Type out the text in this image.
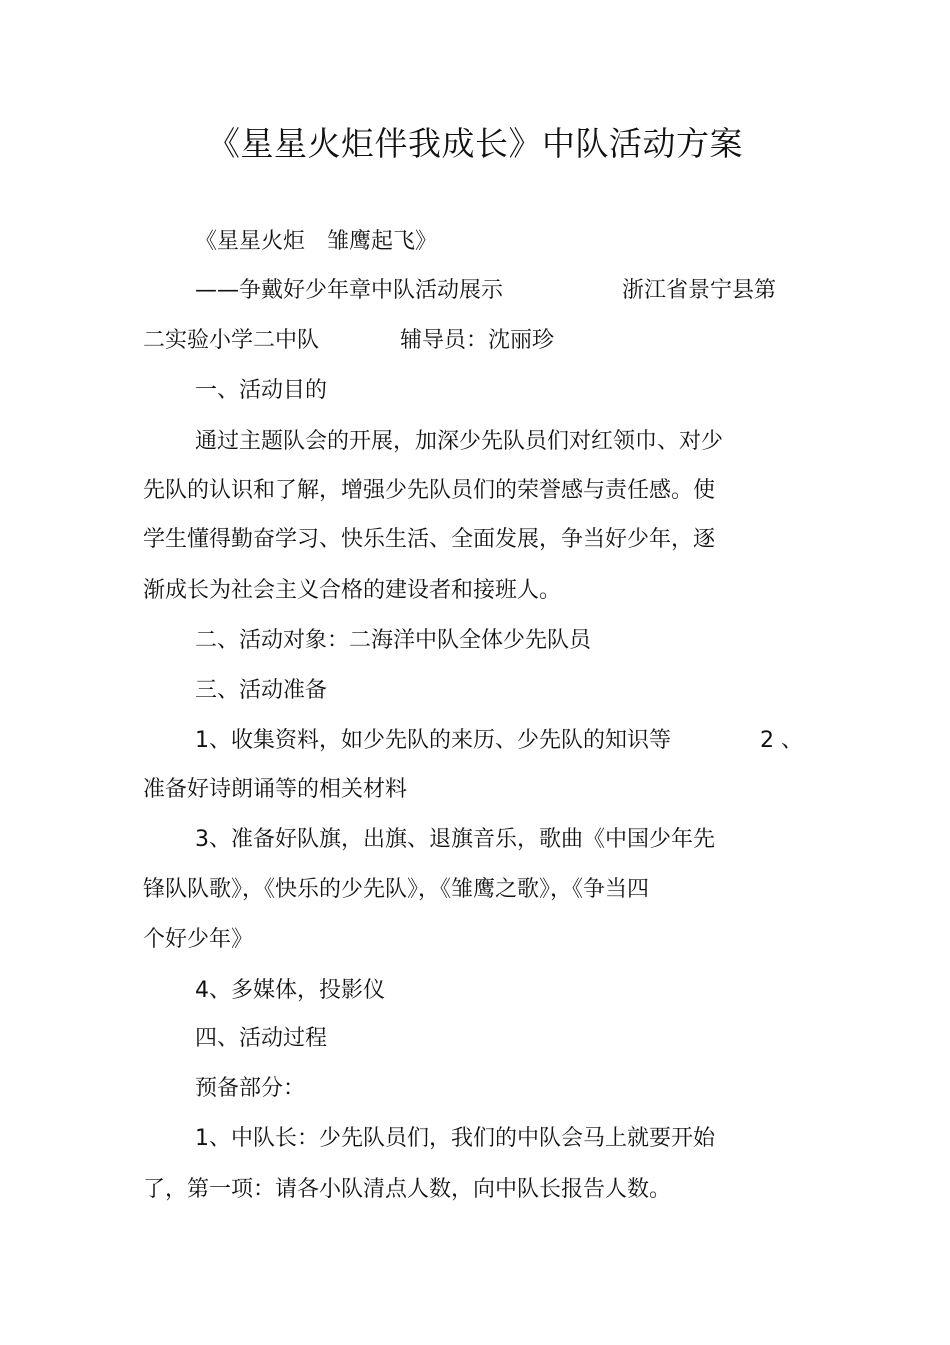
《星星火炬伴我成长》中队活动方案

《星星火炬　雏鹰起飞》

——争戴好少年章中队活动展示	浙江省景宁县第

二实验小学二中队	辅导员：沈丽珍

一、活动目的

通过主题队会的开展，加深少先队员们对红领巾、对少

先队的认识和了解，增强少先队员们的荣誉感与责任感。使

学生懂得勤奋学习、快乐生活、全面发展，争当好少年，逐

渐成长为社会主义合格的建设者和接班人。

二、活动对象：二海洋中队全体少先队员

三、活动准备

1、收集资料，如少先队的来历、少先队的知识等	2 、

准备好诗朗诵等的相关材料

3、准备好队旗，出旗、退旗音乐，歌曲《中国少年先

锋队队歌》，《快乐的少先队》，《雏鹰之歌》，《争当四

个好少年》

4、多媒体，投影仪

四、活动过程

预备部分：

1、中队长：少先队员们，我们的中队会马上就要开始

了，第一项：请各小队清点人数，向中队长报告人数。
